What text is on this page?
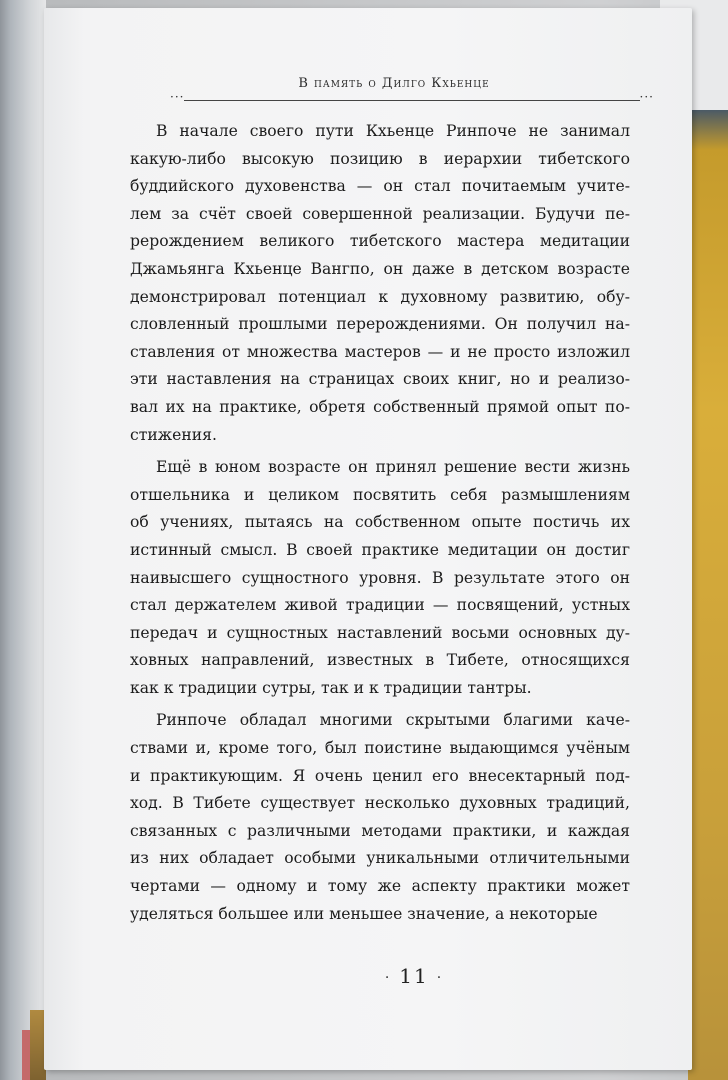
В память о Дилго Кхьенце
···	···
· 11 ·
В начале своего пути Кхьенце Ринпоче не занимал
какую-либо высокую позицию в иерархии тибетского
буддийского духовенства — он стал почитаемым учите-
лем за счёт своей совершенной реализации. Будучи пе-
рерождением великого тибетского мастера медитации
Джамьянга Кхьенце Вангпо, он даже в детском возрасте
демонстрировал потенциал к духовному развитию, обу-
словленный прошлыми перерождениями. Он получил на-
ставления от множества мастеров — и не просто изложил
эти наставления на страницах своих книг, но и реализо-
вал их на практике, обретя собственный прямой опыт по-
стижения.
Ещё в юном возрасте он принял решение вести жизнь
отшельника и целиком посвятить себя размышлениям
об учениях, пытаясь на собственном опыте постичь их
истинный смысл. В своей практике медитации он достиг
наивысшего сущностного уровня. В результате этого он
стал держателем живой традиции — посвящений, устных
передач и сущностных наставлений восьми основных ду-
ховных направлений, известных в Тибете, относящихся
как к традиции сутры, так и к традиции тантры.
Ринпоче обладал многими скрытыми благими каче-
ствами и, кроме того, был поистине выдающимся учёным
и практикующим. Я очень ценил его внесектарный под-
ход. В Тибете существует несколько духовных традиций,
связанных с различными методами практики, и каждая
из них обладает особыми уникальными отличительными
чертами — одному и тому же аспекту практики может
уделяться большее или меньшее значение, а некоторые
